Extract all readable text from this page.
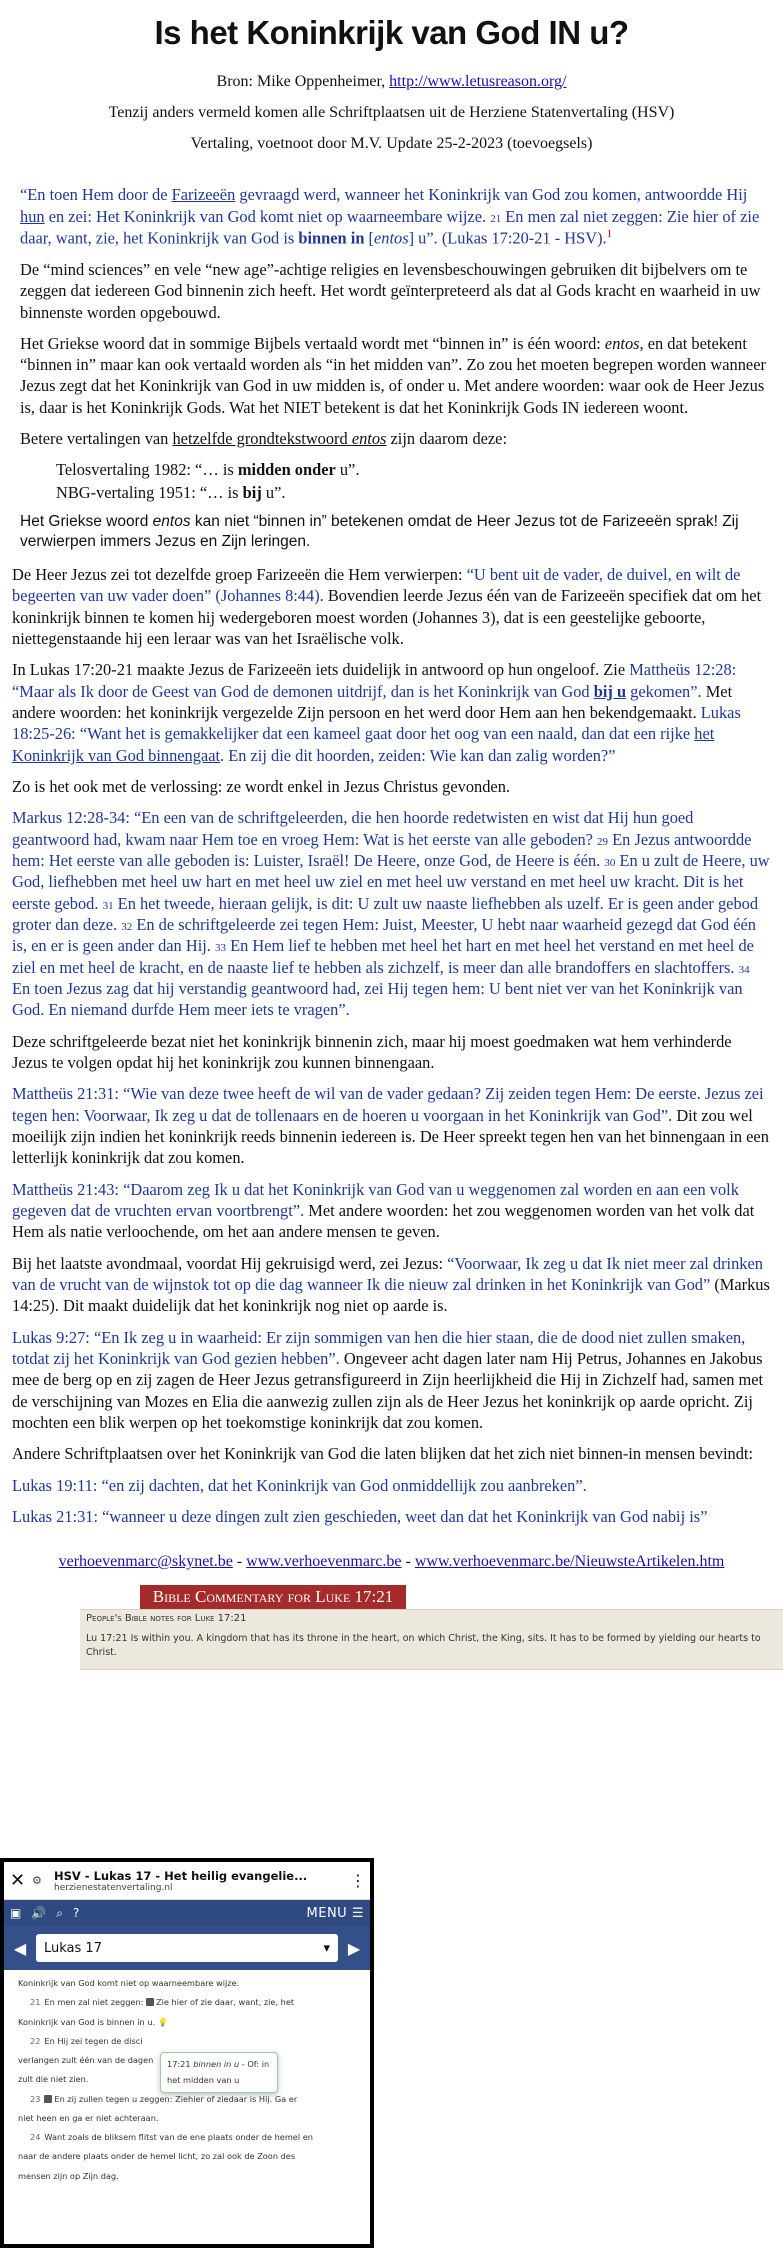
Is het Koninkrijk van God IN u?
Bron: Mike Oppenheimer, http://www.letusreason.org/
Tenzij anders vermeld komen alle Schriftplaatsen uit de Herziene Statenvertaling (HSV)
Vertaling, voetnoot door M.V. Update 25-2-2023 (toevoegsels)

“En toen Hem door de Farizeeën gevraagd werd, wanneer het Koninkrijk van God zou komen, antwoordde Hij hun en zei: Het Koninkrijk van God komt niet op waarneembare wijze. 21 En men zal niet zeggen: Zie hier of zie daar, want, zie, het Koninkrijk van God is binnen in [entos] u”. (Lukas 17:20-21 - HSV).$^1$

De “mind sciences” en vele “new age”-achtige religies en levensbeschouwingen gebruiken dit bijbelvers om te zeggen dat iedereen God binnenin zich heeft. Het wordt geïnterpreteerd als dat al Gods kracht en waarheid in uw binnenste worden opgebouwd.

Het Griekse woord dat in sommige Bijbels vertaald wordt met “binnen in” is één woord: entos, en dat betekent “binnen in” maar kan ook vertaald worden als “in het midden van”. Zo zou het moeten begrepen worden wanneer Jezus zegt dat het Koninkrijk van God in uw midden is, of onder u. Met andere woorden: waar ook de Heer Jezus is, daar is het Koninkrijk Gods. Wat het NIET betekent is dat het Koninkrijk Gods IN iedereen woont.

Betere vertalingen van hetzelfde grondtekstwoord entos zijn daarom deze:

Telosvertaling 1982: “… is midden onder u”.
NBG-vertaling 1951: “… is bij u”.

Het Griekse woord entos kan niet “binnen in” betekenen omdat de Heer Jezus tot de Farizeeën sprak! Zij verwierpen immers Jezus en Zijn leringen.

De Heer Jezus zei tot dezelfde groep Farizeeën die Hem verwierpen: “U bent uit de vader, de duivel, en wilt de begeerten van uw vader doen” (Johannes 8:44). Bovendien leerde Jezus één van de Farizeeën specifiek dat om het koninkrijk binnen te komen hij wedergeboren moest worden (Johannes 3), dat is een geestelijke geboorte, niettegenstaande hij een leraar was van het Israëlische volk.

In Lukas 17:20-21 maakte Jezus de Farizeeën iets duidelijk in antwoord op hun ongeloof. Zie Mattheüs 12:28: “Maar als Ik door de Geest van God de demonen uitdrijf, dan is het Koninkrijk van God bij u gekomen”. Met andere woorden: het koninkrijk vergezelde Zijn persoon en het werd door Hem aan hen bekendgemaakt. Lukas 18:25-26: “Want het is gemakkelijker dat een kameel gaat door het oog van een naald, dan dat een rijke het Koninkrijk van God binnengaat. En zij die dit hoorden, zeiden: Wie kan dan zalig worden?”

Zo is het ook met de verlossing: ze wordt enkel in Jezus Christus gevonden.

Markus 12:28-34: “En een van de schriftgeleerden, die hen hoorde redetwisten en wist dat Hij hun goed geantwoord had, kwam naar Hem toe en vroeg Hem: Wat is het eerste van alle geboden? 29 En Jezus antwoordde hem: Het eerste van alle geboden is: Luister, Israël! De Heere, onze God, de Heere is één. 30 En u zult de Heere, uw God, liefhebben met heel uw hart en met heel uw ziel en met heel uw verstand en met heel uw kracht. Dit is het eerste gebod. 31 En het tweede, hieraan gelijk, is dit: U zult uw naaste liefhebben als uzelf. Er is geen ander gebod groter dan deze. 32 En de schriftgeleerde zei tegen Hem: Juist, Meester, U hebt naar waarheid gezegd dat God één is, en er is geen ander dan Hij. 33 En Hem lief te hebben met heel het hart en met heel het verstand en met heel de ziel en met heel de kracht, en de naaste lief te hebben als zichzelf, is meer dan alle brandoffers en slachtoffers. 34 En toen Jezus zag dat hij verstandig geantwoord had, zei Hij tegen hem: U bent niet ver van het Koninkrijk van God. En niemand durfde Hem meer iets te vragen”.

Deze schriftgeleerde bezat niet het koninkrijk binnenin zich, maar hij moest goedmaken wat hem verhinderde Jezus te volgen opdat hij het koninkrijk zou kunnen binnengaan.

Mattheüs 21:31: “Wie van deze twee heeft de wil van de vader gedaan? Zij zeiden tegen Hem: De eerste. Jezus zei tegen hen: Voorwaar, Ik zeg u dat de tollenaars en de hoeren u voorgaan in het Koninkrijk van God”. Dit zou wel moeilijk zijn indien het koninkrijk reeds binnenin iedereen is. De Heer spreekt tegen hen van het binnengaan in een letterlijk koninkrijk dat zou komen.

Mattheüs 21:43: “Daarom zeg Ik u dat het Koninkrijk van God van u weggenomen zal worden en aan een volk gegeven dat de vruchten ervan voortbrengt”. Met andere woorden: het zou weggenomen worden van het volk dat Hem als natie verloochende, om het aan andere mensen te geven.

Bij het laatste avondmaal, voordat Hij gekruisigd werd, zei Jezus: “Voorwaar, Ik zeg u dat Ik niet meer zal drinken van de vrucht van de wijnstok tot op die dag wanneer Ik die nieuw zal drinken in het Koninkrijk van God” (Markus 14:25). Dit maakt duidelijk dat het koninkrijk nog niet op aarde is.

Lukas 9:27: “En Ik zeg u in waarheid: Er zijn sommigen van hen die hier staan, die de dood niet zullen smaken, totdat zij het Koninkrijk van God gezien hebben”. Ongeveer acht dagen later nam Hij Petrus, Johannes en Jakobus mee de berg op en zij zagen de Heer Jezus getransfigureerd in Zijn heerlijkheid die Hij in Zichzelf had, samen met de verschijning van Mozes en Elia die aanwezig zullen zijn als de Heer Jezus het koninkrijk op aarde opricht. Zij mochten een blik werpen op het toekomstige koninkrijk dat zou komen.

Andere Schriftplaatsen over het Koninkrijk van God die laten blijken dat het zich niet binnen-in mensen bevindt:

Lukas 19:11: “en zij dachten, dat het Koninkrijk van God onmiddellijk zou aanbreken”.

Lukas 21:31: “wanneer u deze dingen zult zien geschieden, weet dan dat het Koninkrijk van God nabij is”

verhoevenmarc@skynet.be - www.verhoevenmarc.be - www.verhoevenmarc.be/NieuwsteArtikelen.htm
Bible Commentary for Luke 17:21
People's Bible notes for Luke 17:21
Lu 17:21 Is within you. A kingdom that has its throne in the heart, on which Christ, the King, sits. It has to be formed by yielding our hearts to Christ.
✕ ⚙	HSV - Lukas 17 - Het heilig evangelie...
herzienestatenvertaling.nl	⋮
▣ 🔊 ⌕ ?	MENU ☰
◀ Lukas 17	▾ ▶
Koninkrijk van God komt niet op waarneembare wijze.
21 En men zal niet zeggen: Zie hier of zie daar, want, zie, het
Koninkrijk van God is binnen in u. 💡
22 En Hij zei tegen de disci
verlangen zult één van de dagen
zult die niet zien.
23 En zij zullen tegen u zeggen: Ziehier of ziedaar is Hij. Ga er
niet heen en ga er niet achteraan.
24 Want zoals de bliksem flitst van de ene plaats onder de hemel en
naar de andere plaats onder de hemel licht, zo zal ook de Zoon des
mensen zijn op Zijn dag.
17:21 binnen in u - Of: in het midden van u
